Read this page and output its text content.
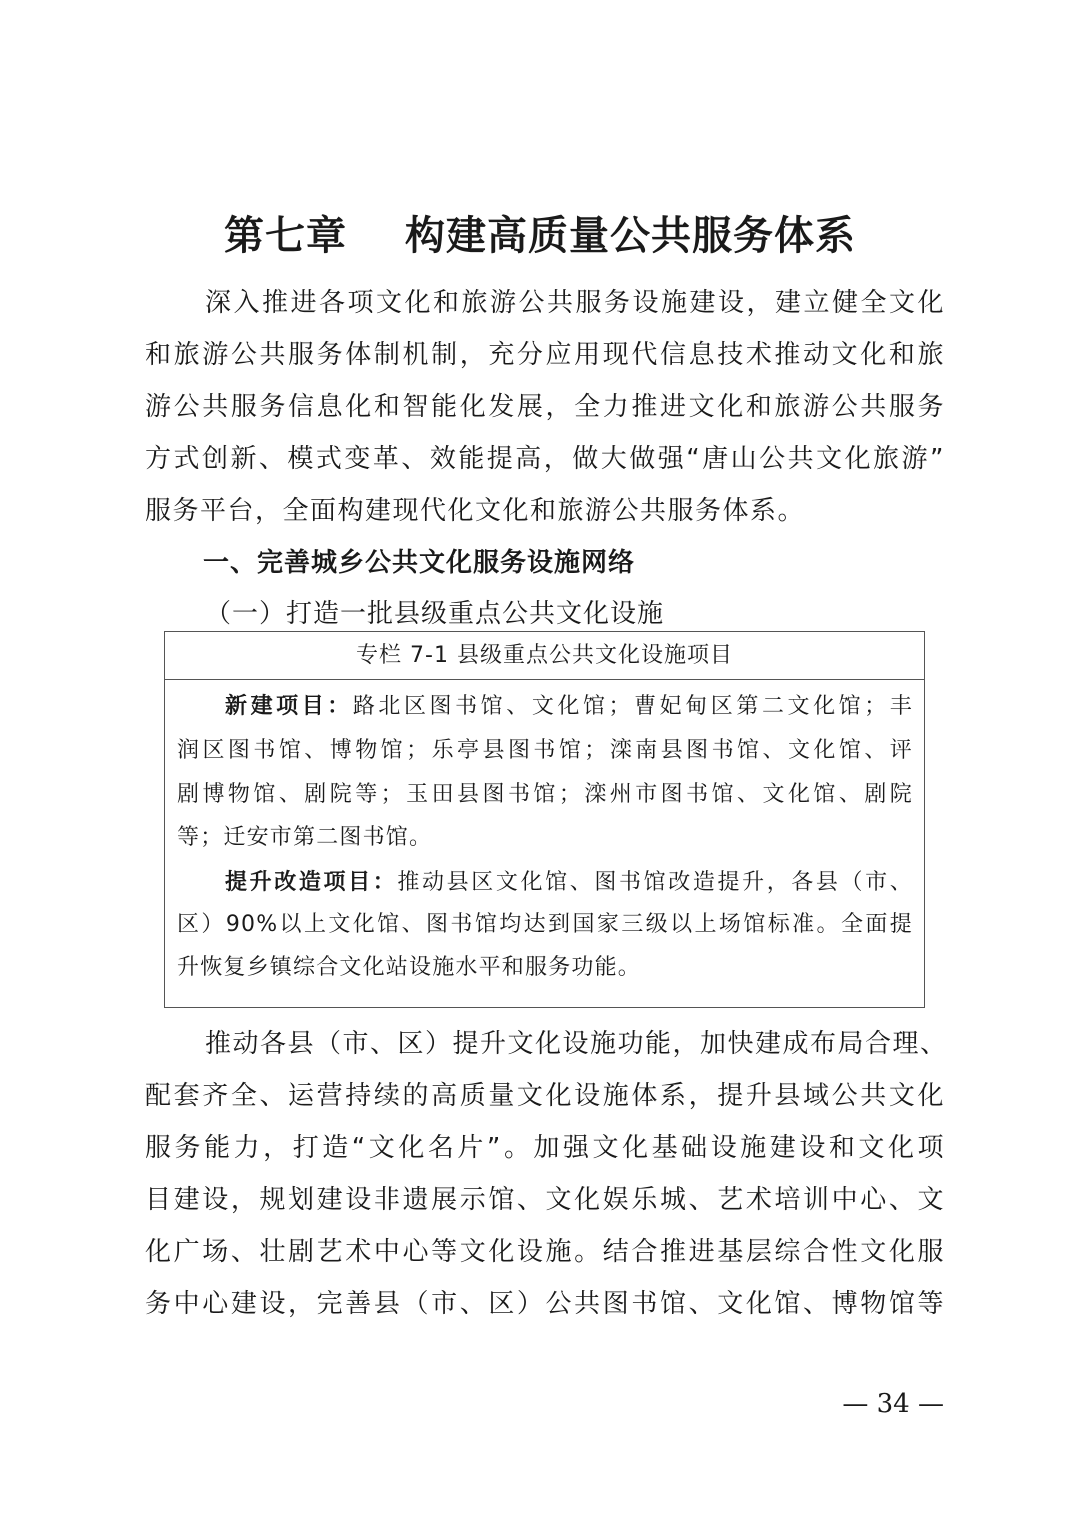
第七章 构建高质量公共服务体系
深入推进各项文化和旅游公共服务设施建设，建立健全文化
和旅游公共服务体制机制，充分应用现代信息技术推动文化和旅
游公共服务信息化和智能化发展，全力推进文化和旅游公共服务
方式创新、模式变革、效能提高，做大做强“唐山公共文化旅游”
服务平台，全面构建现代化文化和旅游公共服务体系。
一、完善城乡公共文化服务设施网络
（一）打造一批县级重点公共文化设施
专栏 7-1 县级重点公共文化设施项目
新建项目：路北区图书馆、文化馆；曹妃甸区第二文化馆；丰
润区图书馆、博物馆；乐亭县图书馆；滦南县图书馆、文化馆、评
剧博物馆、剧院等；玉田县图书馆；滦州市图书馆、文化馆、剧院
等；迁安市第二图书馆。
提升改造项目：推动县区文化馆、图书馆改造提升，各县（市、
区）90%以上文化馆、图书馆均达到国家三级以上场馆标准。全面提
升恢复乡镇综合文化站设施水平和服务功能。
推动各县（市、区）提升文化设施功能，加快建成布局合理、
配套齐全、运营持续的高质量文化设施体系，提升县域公共文化
服务能力，打造“文化名片”。加强文化基础设施建设和文化项
目建设，规划建设非遗展示馆、文化娱乐城、艺术培训中心、文
化广场、壮剧艺术中心等文化设施。结合推进基层综合性文化服
务中心建设，完善县（市、区）公共图书馆、文化馆、博物馆等
— 34 —
